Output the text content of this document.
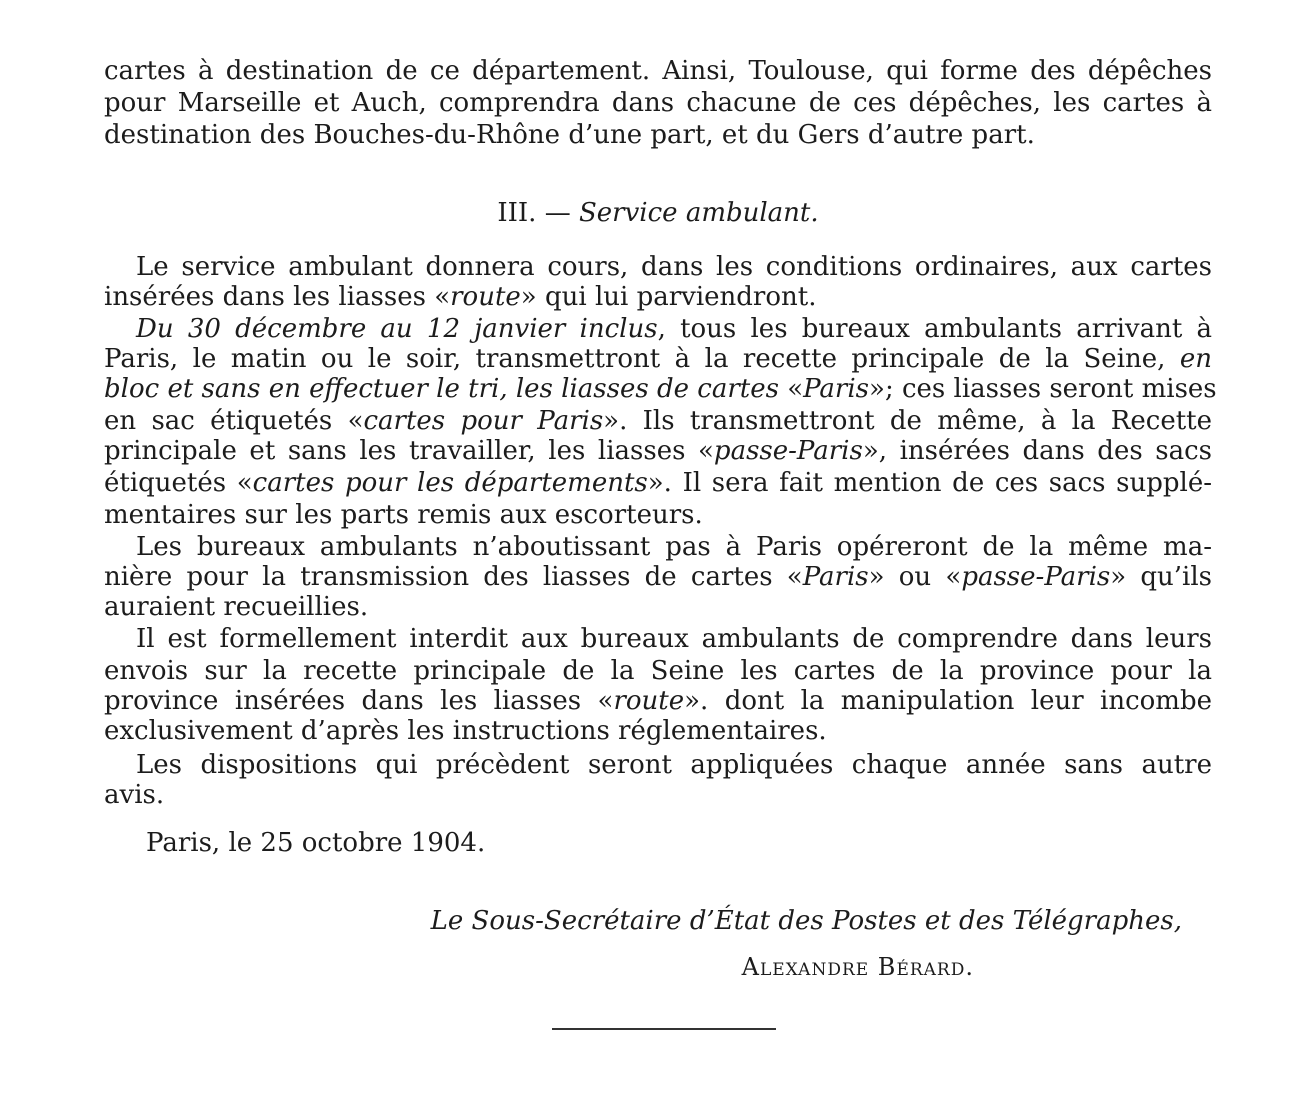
cartes à destination de ce département. Ainsi, Toulouse, qui forme des dépêches
pour Marseille et Auch, comprendra dans chacune de ces dépêches, les cartes à
destination des Bouches-du-Rhône d’une part, et du Gers d’autre part.
III. — Service ambulant.
Le service ambulant donnera cours, dans les conditions ordinaires, aux cartes
insérées dans les liasses «route» qui lui parviendront.
Du 30 décembre au 12 janvier inclus, tous les bureaux ambulants arrivant à
Paris, le matin ou le soir, transmettront à la recette principale de la Seine, en
bloc et sans en effectuer le tri, les liasses de cartes «Paris»; ces liasses seront mises
en sac étiquetés «cartes pour Paris». Ils transmettront de même, à la Recette
principale et sans les travailler, les liasses «passe-Paris», insérées dans des sacs
étiquetés «cartes pour les départements». Il sera fait mention de ces sacs supplé-
mentaires sur les parts remis aux escorteurs.
Les bureaux ambulants n’aboutissant pas à Paris opéreront de la même ma-
nière pour la transmission des liasses de cartes «Paris» ou «passe-Paris» qu’ils
auraient recueillies.
Il est formellement interdit aux bureaux ambulants de comprendre dans leurs
envois sur la recette principale de la Seine les cartes de la province pour la
province insérées dans les liasses «route». dont la manipulation leur incombe
exclusivement d’après les instructions réglementaires.
Les dispositions qui précèdent seront appliquées chaque année sans autre
avis.
Paris, le 25 octobre 1904.
Le Sous-Secrétaire d’État des Postes et des Télégraphes,
Alexandre Bérard.
